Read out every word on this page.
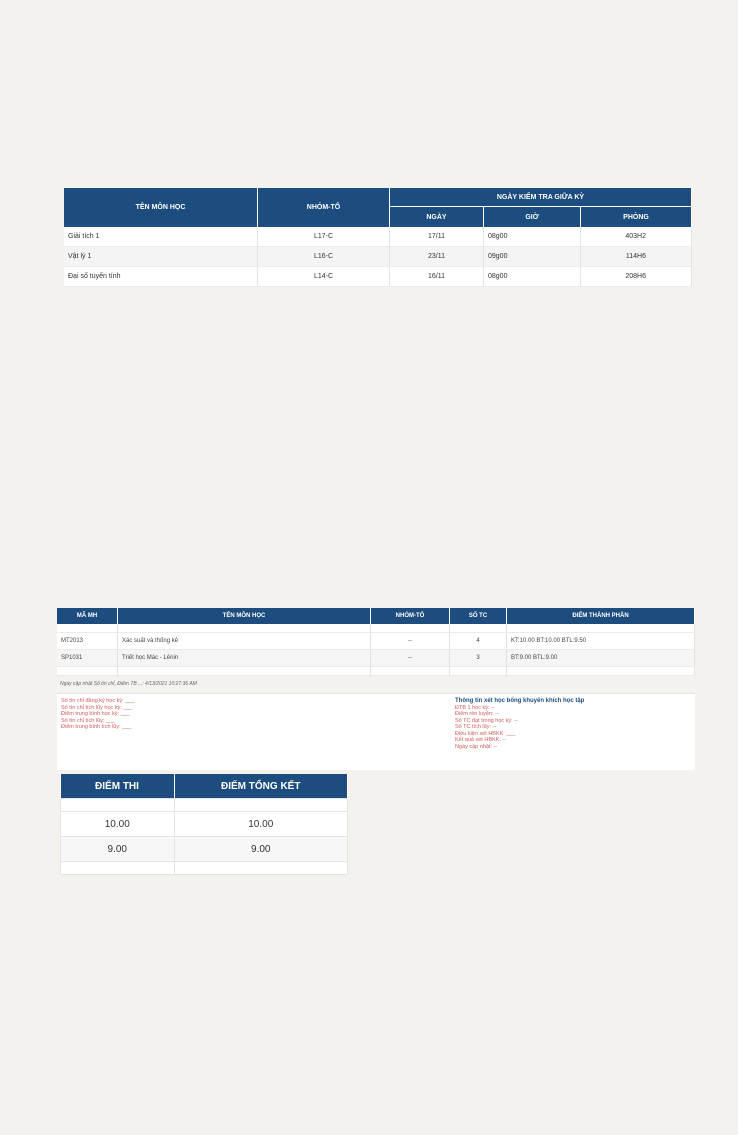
TÊN MÔN HỌC	NHÓM-TỔ	NGÀY KIỂM TRA GIỮA KỲ		
		NGÀY	GIỜ	PHÒNG
Giải tích 1	L17-C	17/11	08g00	403H2
Vật lý 1	L16-C	23/11	09g00	114H6
Đại số tuyến tính	L14-C	16/11	08g00	208H6
MÃ MH	TÊN MÔN HỌC	NHÓM-TỔ	SỐ TC	ĐIỂM THÀNH PHẦN

MT2013	Xác suất và thống kê	--	4	KT:10.00 BT:10.00 BTL:9.50
SP1031	Triết học Mác - Lênin	--	3	BT:9.00 BTL:9.00

Ngày cập nhật Số tín chỉ, Điểm TB ...: 4/13/2021 10:27:36 AM
Số tín chỉ đăng ký học kỳ: ___
Số tín chỉ tích lũy học kỳ: ___
Điểm trung bình học kỳ: ___
Số tín chỉ tích lũy: ___
Điểm trung bình tích lũy: ___
Thông tin xét học bổng khuyến khích học tập
ĐTB 1 học kỳ: --
Điểm rèn luyện: --
Số TC đạt trong học kỳ: --
Số TC tích lũy: --
Điều kiện xét HBKK: ___
Kết quả xét HBKK: --
Ngày cập nhật: --
ĐIỂM THI	ĐIỂM TỔNG KẾT

10.00	10.00
9.00	9.00
